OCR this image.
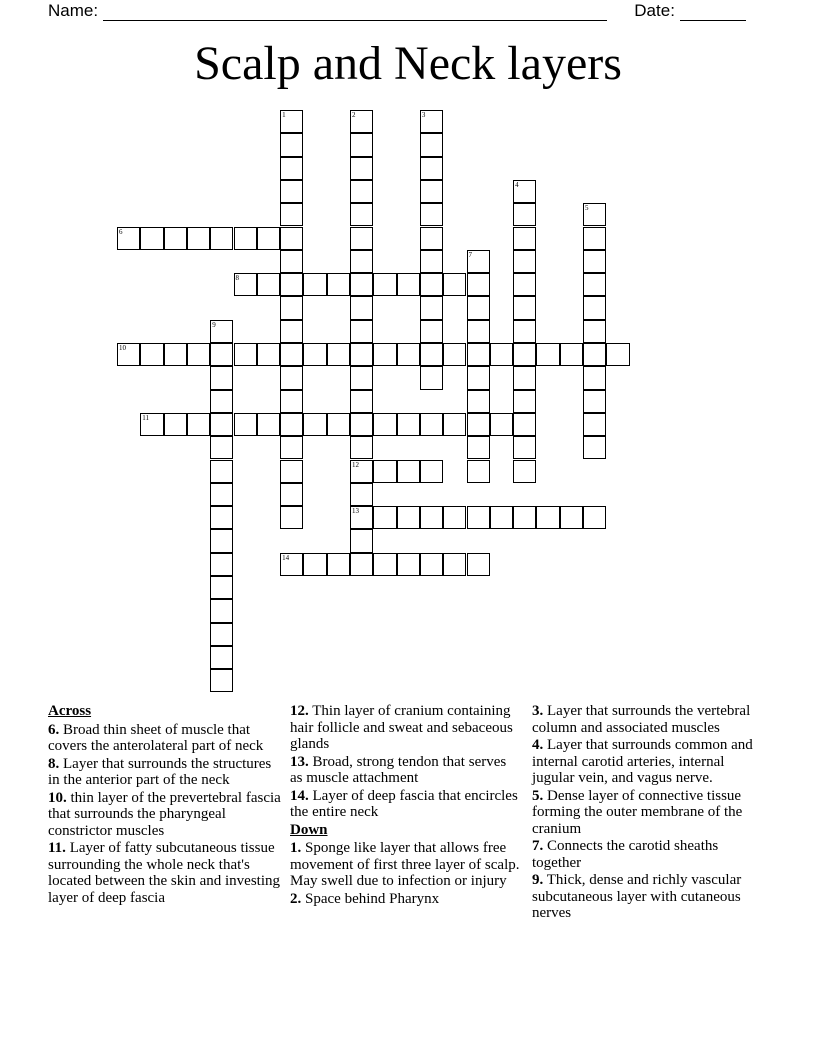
Name:	Date:
Scalp and Neck layers
6
8
10
11
12
13
14
1	2	3
4
5
7
9
Across
6. Broad thin sheet of muscle that covers the anterolateral part of neck
8. Layer that surrounds the structures in the anterior part of the neck
10. thin layer of the prevertebral fascia that surrounds the pharyngeal constrictor muscles
11. Layer of fatty subcutaneous tissue surrounding the whole neck that's located between the skin and investing layer of deep fascia
12. Thin layer of cranium containing hair follicle and sweat and sebaceous glands
13. Broad, strong tendon that serves as muscle attachment
14. Layer of deep fascia that encircles the entire neck
Down
1. Sponge like layer that allows free movement of first three layer of scalp. May swell due to infection or injury
2. Space behind Pharynx
3. Layer that surrounds the vertebral column and associated muscles
4. Layer that surrounds common and internal carotid arteries, internal jugular vein, and vagus nerve.
5. Dense layer of connective tissue forming the outer membrane of the cranium
7. Connects the carotid sheaths together
9. Thick, dense and richly vascular subcutaneous layer with cutaneous nerves
